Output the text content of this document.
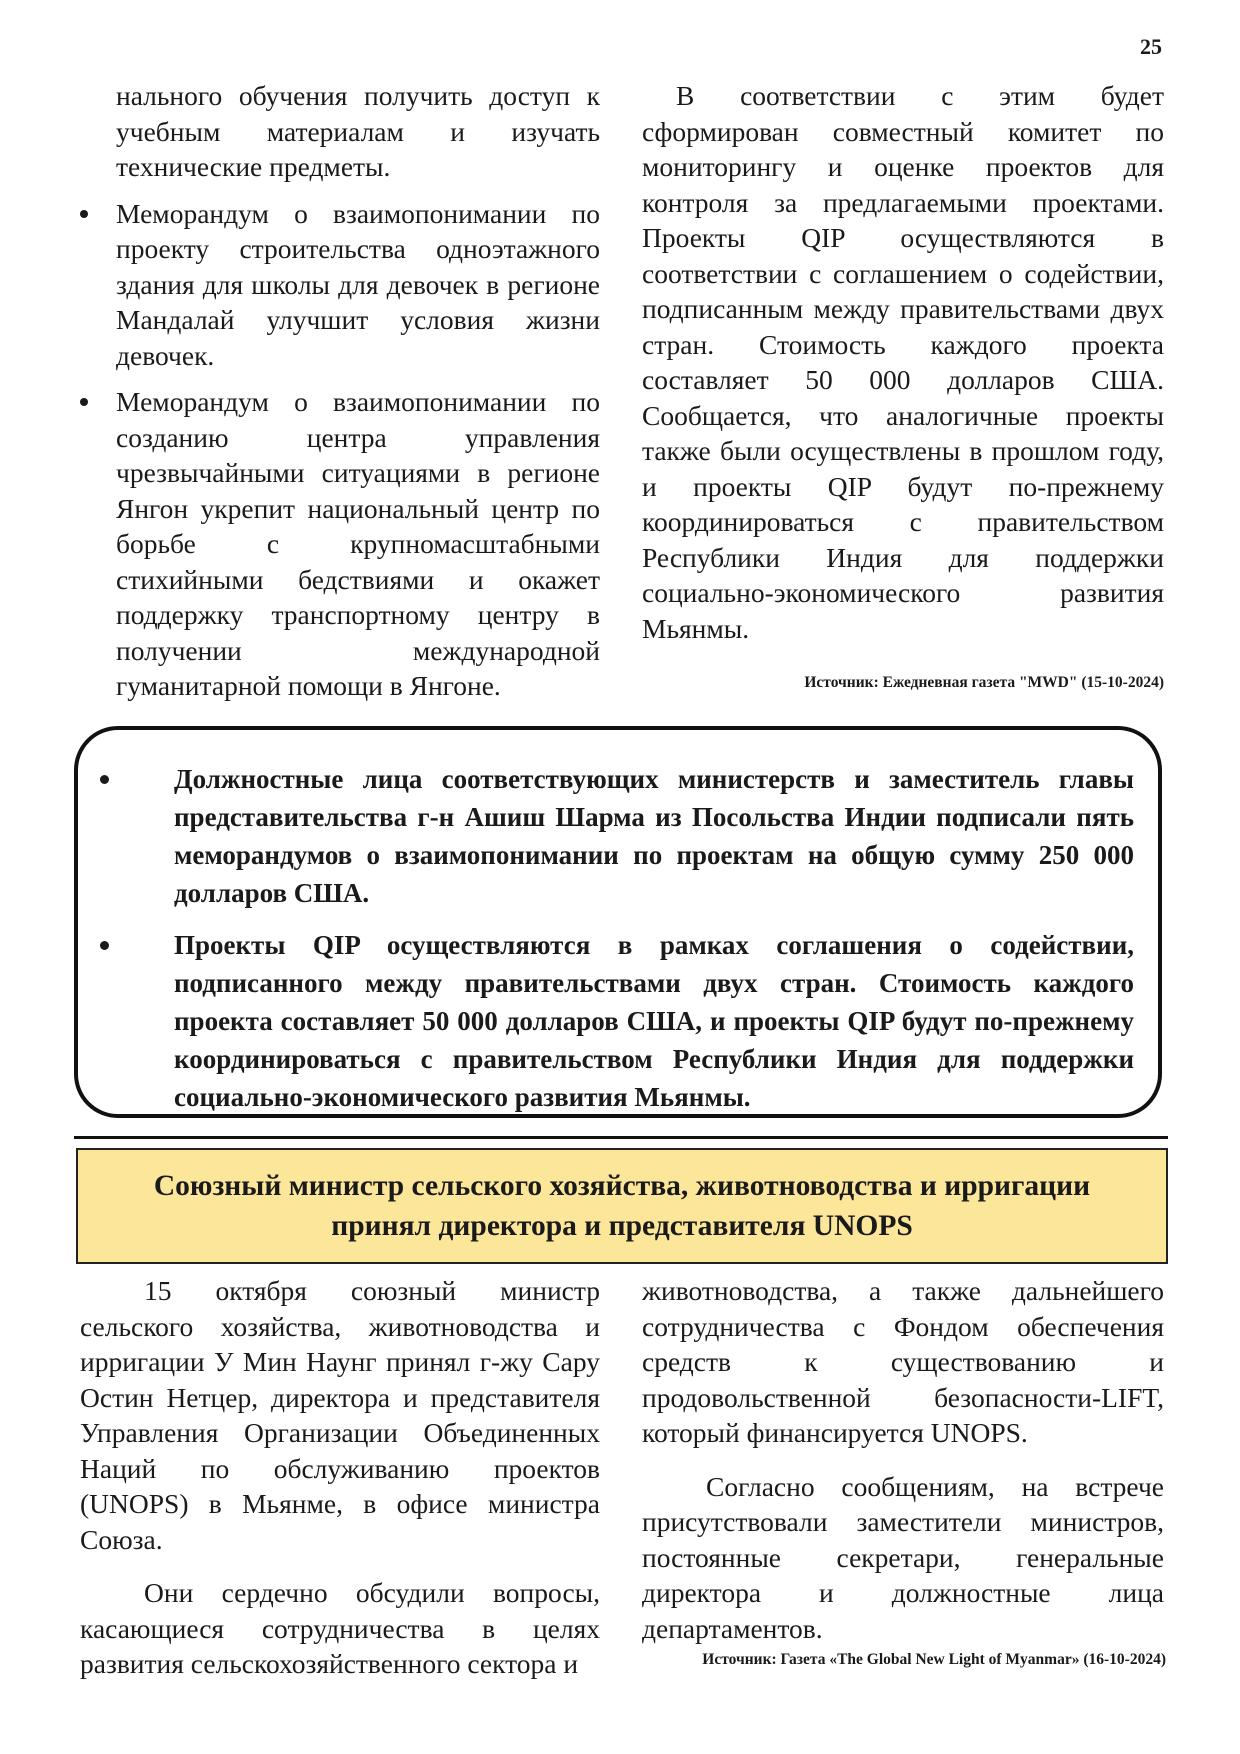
25

нального обучения получить доступ к учебным материалам и изучать технические предметы.

Меморандум о взаимопонимании по проекту строительства одноэтажного здания для школы для девочек в регионе Мандалай улучшит условия жизни девочек.
Меморандум о взаимопонимании по созданию центра управления чрезвычайными ситуациями в регионе Янгон укрепит национальный центр по борьбе с крупномасштабными стихийными бедствиями и окажет поддержку транспортному центру в получении международной гуманитарной помощи в Янгоне.

В соответствии с этим будет сформирован совместный комитет по мониторингу и оценке проектов для контроля за предлагаемыми проектами. Проекты QIP осуществляются в соответствии с соглашением о содействии, подписанным между правительствами двух стран. Стоимость каждого проекта составляет 50 000 долларов США. Сообщается, что аналогичные проекты также были осуществлены в прошлом году, и проекты QIP будут по-прежнему координироваться с правительством Республики Индия для поддержки социально-экономического развития Мьянмы.

Источник: Ежедневная газета "MWD" (15-10-2024)
Должностные лица соответствующих министерств и заместитель главы представительства г-н Ашиш Шарма из Посольства Индии подписали пять меморандумов о взаимопонимании по проектам на общую сумму 250 000 долларов США.
Проекты QIP осуществляются в рамках соглашения о содействии, подписанного между правительствами двух стран. Стоимость каждого проекта составляет 50 000 долларов США, и проекты QIP будут по-прежнему координироваться с правительством Республики Индия для поддержки социально-экономического развития Мьянмы.
Союзный министр сельского хозяйства, животноводства и ирригации
принял директора и представителя UNOPS

15 октября союзный министр сельского хозяйства, животноводства и ирригации У Мин Наунг принял г-жу Сару Остин Нетцер, директора и представителя Управления Организации Объединенных Наций по обслуживанию проектов (UNOPS) в Мьянме, в офисе министра Союза.

Они сердечно обсудили вопросы, касающиеся сотрудничества в целях развития сельскохозяйственного сектора и

животноводства, а также дальнейшего сотрудничества с Фондом обеспечения средств к существованию и продовольственной безопасности-LIFT, который финансируется UNOPS.

Согласно сообщениям, на встрече присутствовали заместители министров, постоянные секретари, генеральные директора и должностные лица департаментов.

Источник: Газета «The Global New Light of Myanmar» (16-10-2024)
